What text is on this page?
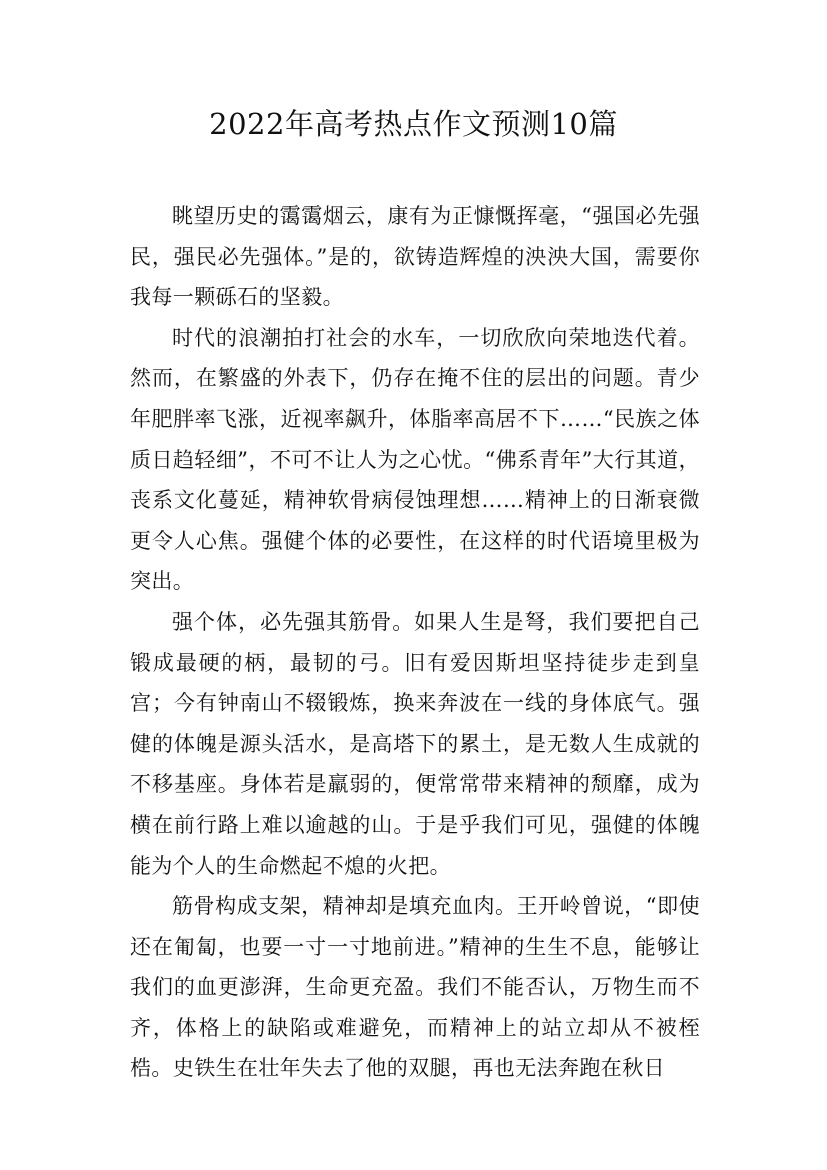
2022年高考热点作文预测10篇

眺望历史的霭霭烟云，康有为正慷慨挥毫，“强国必先强民，强民必先强体。”是的，欲铸造辉煌的泱泱大国，需要你我每一颗砾石的坚毅。

时代的浪潮拍打社会的水车，一切欣欣向荣地迭代着。然而，在繁盛的外表下，仍存在掩不住的层出的问题。青少年肥胖率飞涨，近视率飙升，体脂率高居不下……“民族之体质日趋轻细”，不可不让人为之心忧。“佛系青年”大行其道，丧系文化蔓延，精神软骨病侵蚀理想……精神上的日渐衰微更令人心焦。强健个体的必要性，在这样的时代语境里极为突出。

强个体，必先强其筋骨。如果人生是弩，我们要把自己锻成最硬的柄，最韧的弓。旧有爱因斯坦坚持徒步走到皇宫；今有钟南山不辍锻炼，换来奔波在一线的身体底气。强健的体魄是源头活水，是高塔下的累土，是无数人生成就的不移基座。身体若是羸弱的，便常常带来精神的颓靡，成为横在前行路上难以逾越的山。于是乎我们可见，强健的体魄能为个人的生命燃起不熄的火把。

筋骨构成支架，精神却是填充血肉。王开岭曾说，“即使还在匍匐，也要一寸一寸地前进。”精神的生生不息，能够让我们的血更澎湃，生命更充盈。我们不能否认，万物生而不齐，体格上的缺陷或难避免，而精神上的站立却从不被桎梏。史铁生在壮年失去了他的双腿，再也无法奔跑在秋日
